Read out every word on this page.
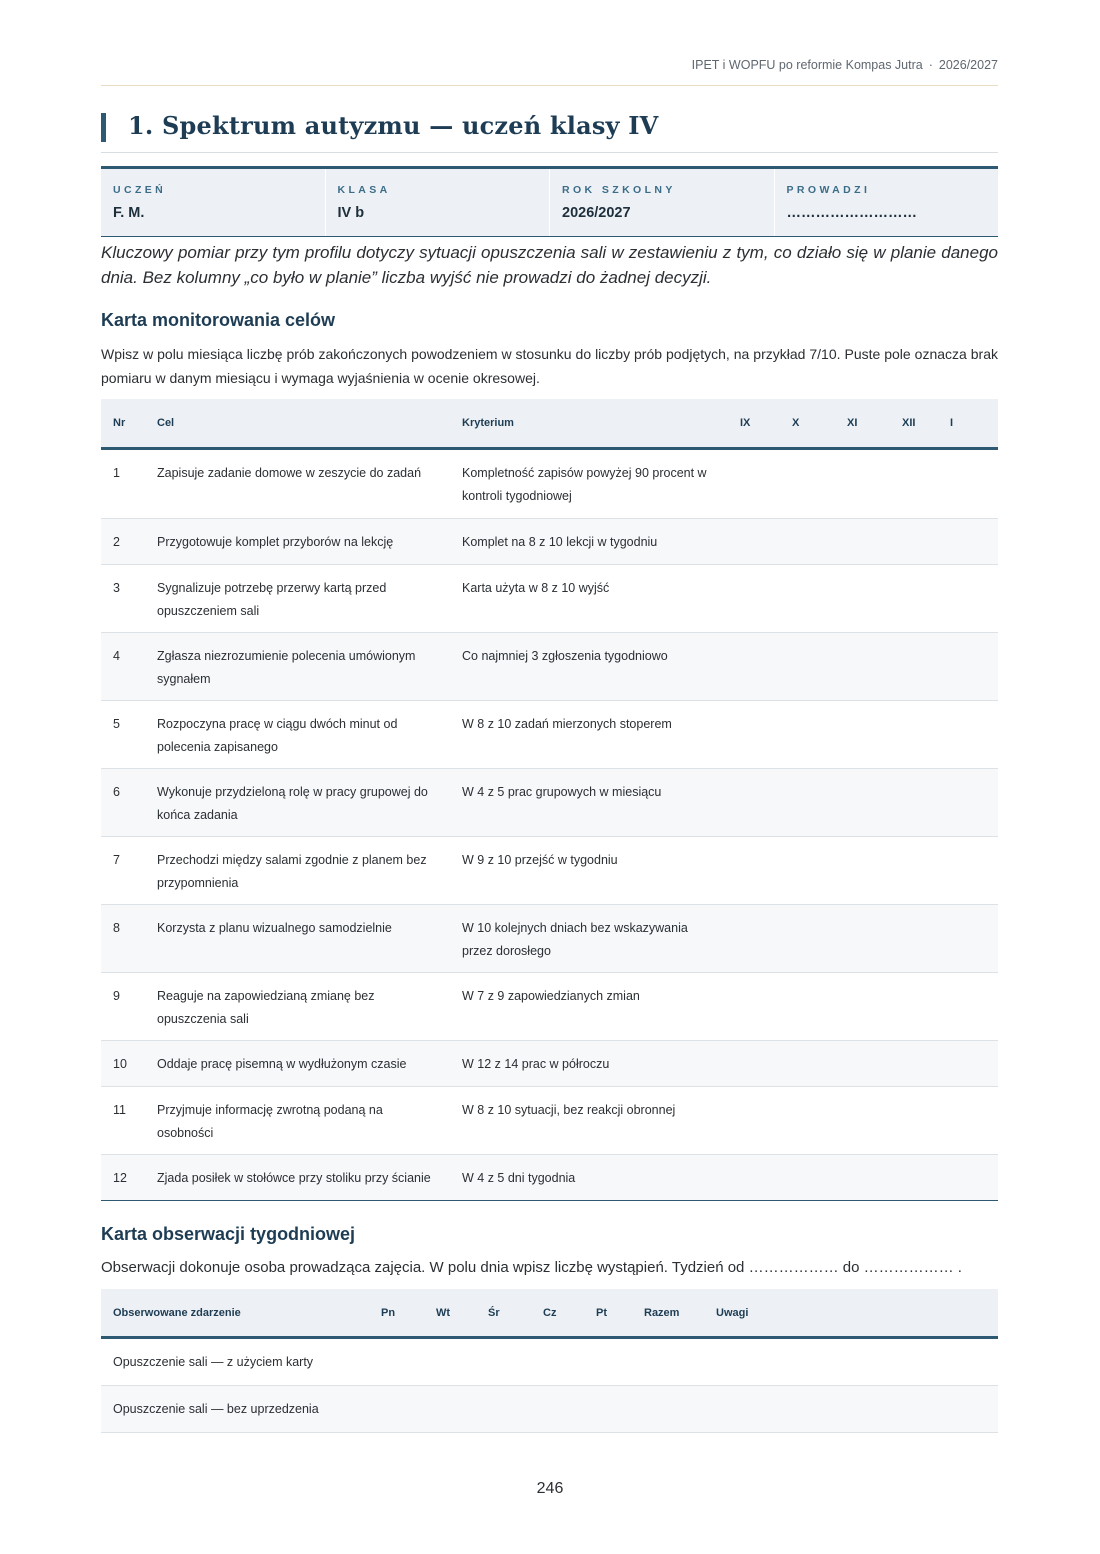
IPET i WOPFU po reformie Kompas Jutra · 2026/2027
1. Spektrum autyzmu — uczeń klasy IV
UCZEŃ
F. M.
KLASA
IV b
ROK SZKOLNY
2026/2027
PROWADZI
………………………

Kluczowy pomiar przy tym profilu dotyczy sytuacji opuszczenia sali w zestawieniu z tym, co działo się w planie danego dnia. Bez kolumny „co było w planie” liczba wyjść nie prowadzi do żadnej decyzji.

Karta monitorowania celów

Wpisz w polu miesiąca liczbę prób zakończonych powodzeniem w stosunku do liczby prób podjętych, na przykład 7/10. Puste pole oznacza brak pomiaru w danym miesiącu i wymaga wyjaśnienia w ocenie okresowej.

Nr	Cel	Kryterium	IX	X	XI	XII	I
1	Zapisuje zadanie domowe w zeszycie do zadań	Kompletność zapisów powyżej 90 procent w kontroli tygodniowej					
2	Przygotowuje komplet przyborów na lekcję	Komplet na 8 z 10 lekcji w tygodniu					
3	Sygnalizuje potrzebę przerwy kartą przed opuszczeniem sali	Karta użyta w 8 z 10 wyjść					
4	Zgłasza niezrozumienie polecenia umówionym sygnałem	Co najmniej 3 zgłoszenia tygodniowo					
5	Rozpoczyna pracę w ciągu dwóch minut od polecenia zapisanego	W 8 z 10 zadań mierzonych stoperem					
6	Wykonuje przydzieloną rolę w pracy grupowej do końca zadania	W 4 z 5 prac grupowych w miesiącu					
7	Przechodzi między salami zgodnie z planem bez przypomnienia	W 9 z 10 przejść w tygodniu					
8	Korzysta z planu wizualnego samodzielnie	W 10 kolejnych dniach bez wskazywania przez dorosłego					
9	Reaguje na zapowiedzianą zmianę bez opuszczenia sali	W 7 z 9 zapowiedzianych zmian					
10	Oddaje pracę pisemną w wydłużonym czasie	W 12 z 14 prac w półroczu					
11	Przyjmuje informację zwrotną podaną na osobności	W 8 z 10 sytuacji, bez reakcji obronnej					
12	Zjada posiłek w stołówce przy stoliku przy ścianie	W 4 z 5 dni tygodnia					
Karta obserwacji tygodniowej

Obserwacji dokonuje osoba prowadząca zajęcia. W polu dnia wpisz liczbę wystąpień. Tydzień od ……………… do ……………… .

Obserwowane zdarzenie	Pn	Wt	Śr	Cz	Pt	Razem	Uwagi
Opuszczenie sali — z użyciem karty							
Opuszczenie sali — bez uprzedzenia							
246
